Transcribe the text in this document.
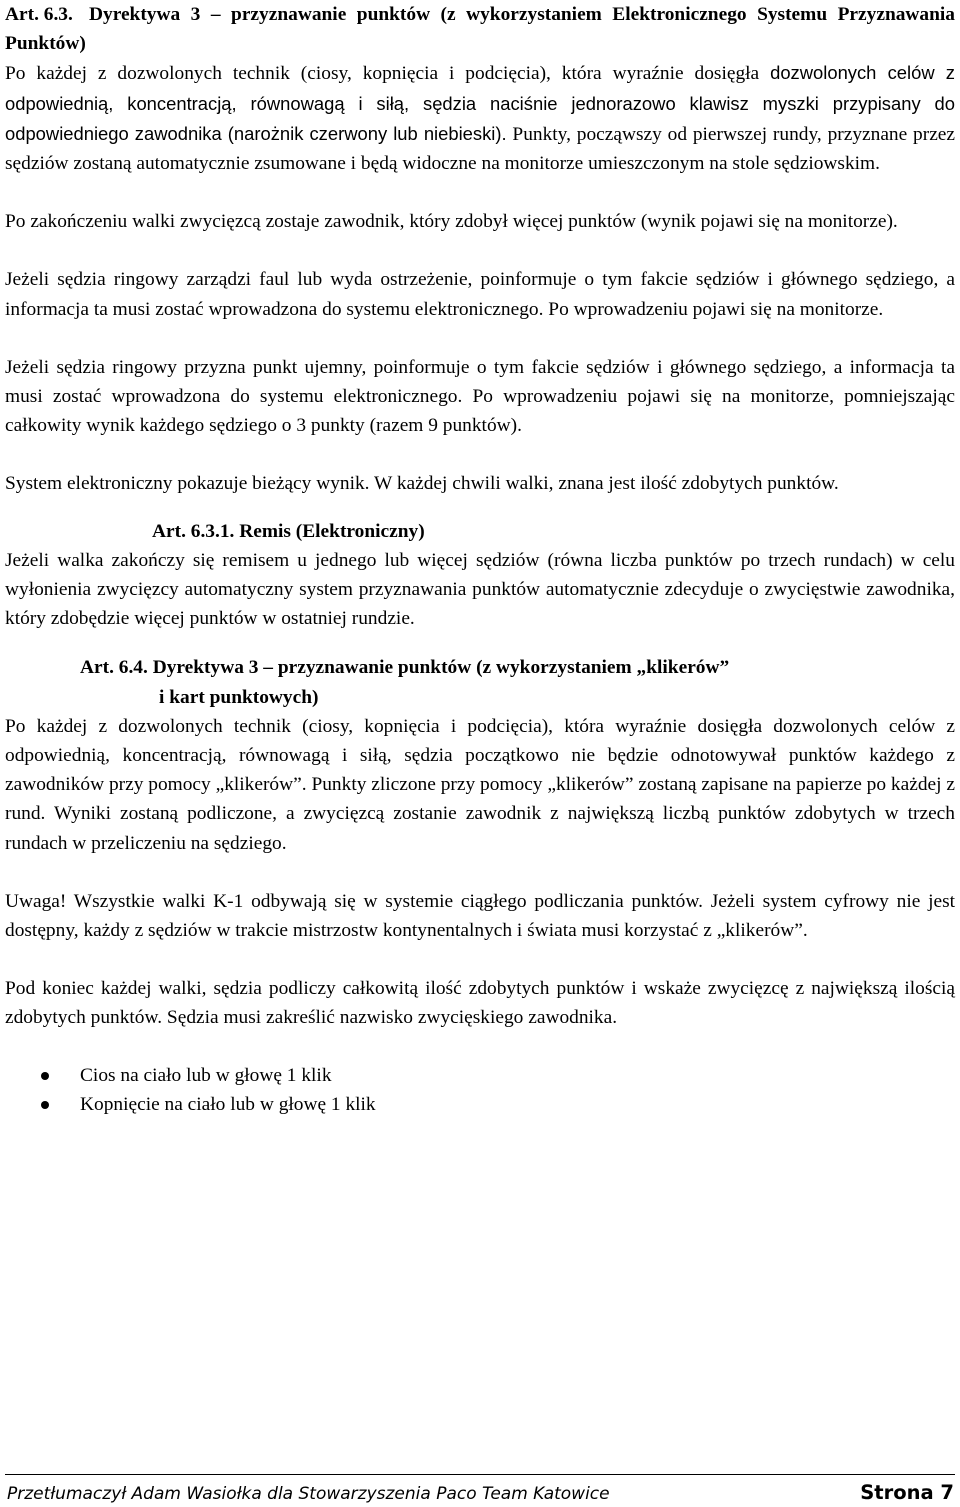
Art. 6.3. Dyrektywa 3 – przyznawanie punktów (z wykorzystaniem Elektronicznego Systemu Przyznawania Punktów)

Po każdej z dozwolonych technik (ciosy, kopnięcia i podcięcia), która wyraźnie dosięgła dozwolonych celów z odpowiednią, koncentracją, równowagą i siłą, sędzia naciśnie jednorazowo klawisz myszki przypisany do odpowiedniego zawodnika (narożnik czerwony lub niebieski). Punkty, począwszy od pierwszej rundy, przyznane przez sędziów zostaną automatycznie zsumowane i będą widoczne na monitorze umieszczonym na stole sędziowskim.

Po zakończeniu walki zwycięzcą zostaje zawodnik, który zdobył więcej punktów (wynik pojawi się na monitorze).

Jeżeli sędzia ringowy zarządzi faul lub wyda ostrzeżenie, poinformuje o tym fakcie sędziów i głównego sędziego, a informacja ta musi zostać wprowadzona do systemu elektronicznego. Po wprowadzeniu pojawi się na monitorze.

Jeżeli sędzia ringowy przyzna punkt ujemny, poinformuje o tym fakcie sędziów i głównego sędziego, a informacja ta musi zostać wprowadzona do systemu elektronicznego. Po wprowadzeniu pojawi się na monitorze, pomniejszając całkowity wynik każdego sędziego o 3 punkty (razem 9 punktów).

System elektroniczny pokazuje bieżący wynik. W każdej chwili walki, znana jest ilość zdobytych punktów.

Art. 6.3.1. Remis (Elektroniczny)

Jeżeli walka zakończy się remisem u jednego lub więcej sędziów (równa liczba punktów po trzech rundach) w celu wyłonienia zwycięzcy automatyczny system przyznawania punktów automatycznie zdecyduje o zwycięstwie zawodnika, który zdobędzie więcej punktów w ostatniej rundzie.

Art. 6.4. Dyrektywa 3 – przyznawanie punktów (z wykorzystaniem „klikerów”
i kart punktowych)

Po każdej z dozwolonych technik (ciosy, kopnięcia i podcięcia), która wyraźnie dosięgła dozwolonych celów z odpowiednią, koncentracją, równowagą i siłą, sędzia początkowo nie będzie odnotowywał punktów każdego z zawodników przy pomocy „klikerów”. Punkty zliczone przy pomocy „klikerów” zostaną zapisane na papierze po każdej z rund. Wyniki zostaną podliczone, a zwycięzcą zostanie zawodnik z największą liczbą punktów zdobytych w trzech rundach w przeliczeniu na sędziego.

Uwaga! Wszystkie walki K-1 odbywają się w systemie ciągłego podliczania punktów. Jeżeli system cyfrowy nie jest dostępny, każdy z sędziów w trakcie mistrzostw kontynentalnych i świata musi korzystać z „klikerów”.

Pod koniec każdej walki, sędzia podliczy całkowitą ilość zdobytych punktów i wskaże zwycięzcę z największą ilością zdobytych punktów. Sędzia musi zakreślić nazwisko zwycięskiego zawodnika.

Cios na ciało lub w głowę 1 klik
Kopnięcie na ciało lub w głowę 1 klik
Przetłumaczył Adam Wasiołka dla Stowarzyszenia Paco Team Katowice	Strona 7
